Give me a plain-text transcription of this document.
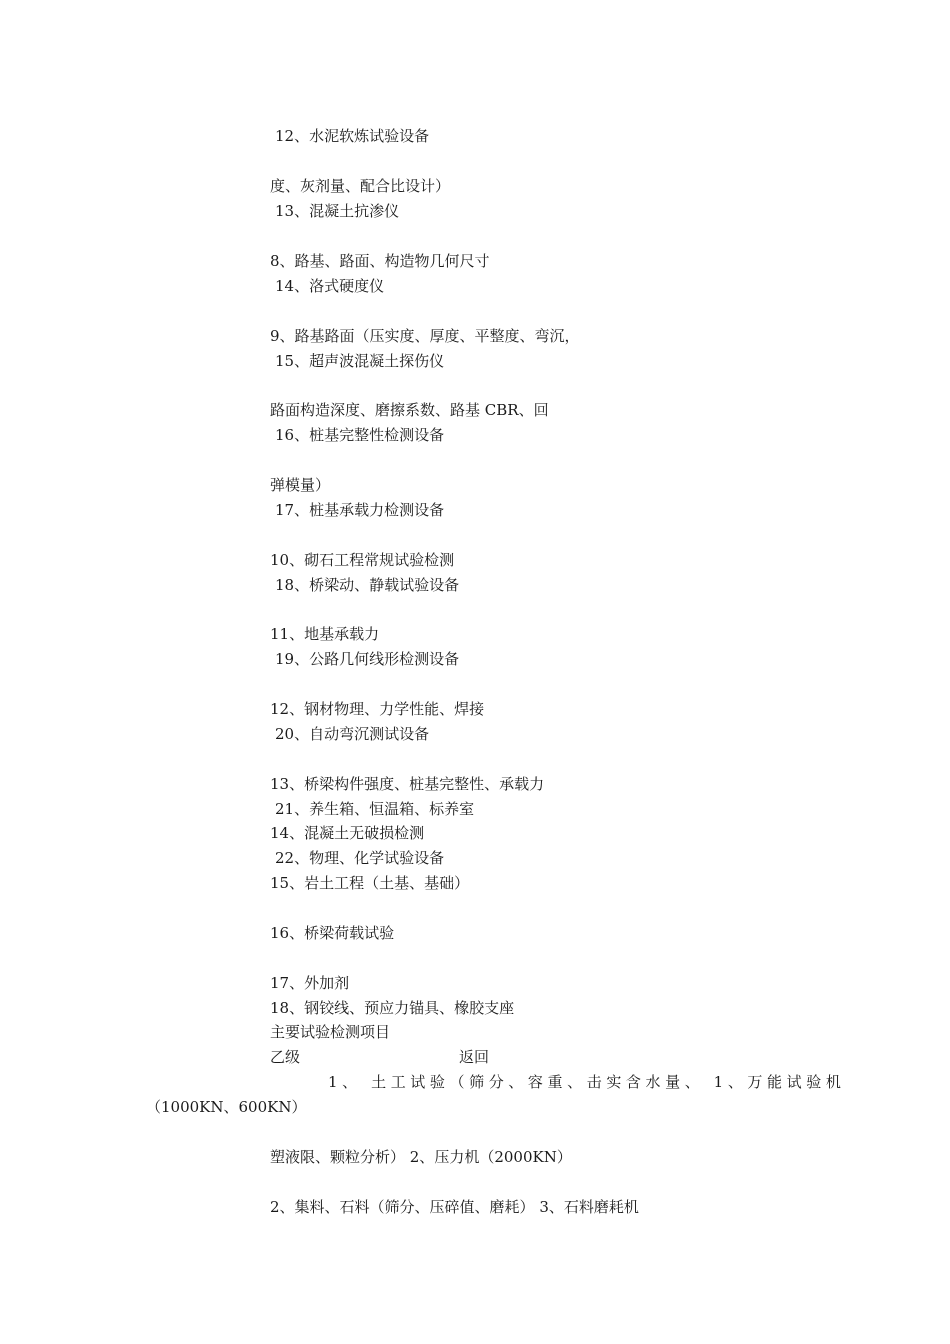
12、水泥软炼试验设备
度、灰剂量、配合比设计）
13、混凝土抗渗仪
8、路基、路面、构造物几何尺寸
14、洛式硬度仪
9、路基路面（压实度、厚度、平整度、弯沉，
15、超声波混凝土探伤仪
路面构造深度、磨擦系数、路基 CBR、回
16、桩基完整性检测设备
弹模量）
17、桩基承载力检测设备
10、砌石工程常规试验检测
18、桥梁动、静载试验设备
11、地基承载力
19、公路几何线形检测设备
12、钢材物理、力学性能、焊接
20、自动弯沉测试设备
13、桥梁构件强度、桩基完整性、承载力
21、养生箱、恒温箱、标养室
14、混凝土无破损检测
22、物理、化学试验设备
15、岩土工程（土基、基础）
16、桥梁荷载试验
17、外加剂
18、钢铰线、预应力锚具、橡胶支座
主要试验检测项目
乙级	返回
1、 土工试验（筛分、容重、击实含水量、 1、万能试验机
（1000KN、600KN）
塑液限、颗粒分析） 2、压力机（2000KN）
2、集料、石料（筛分、压碎值、磨耗） 3、石料磨耗机
